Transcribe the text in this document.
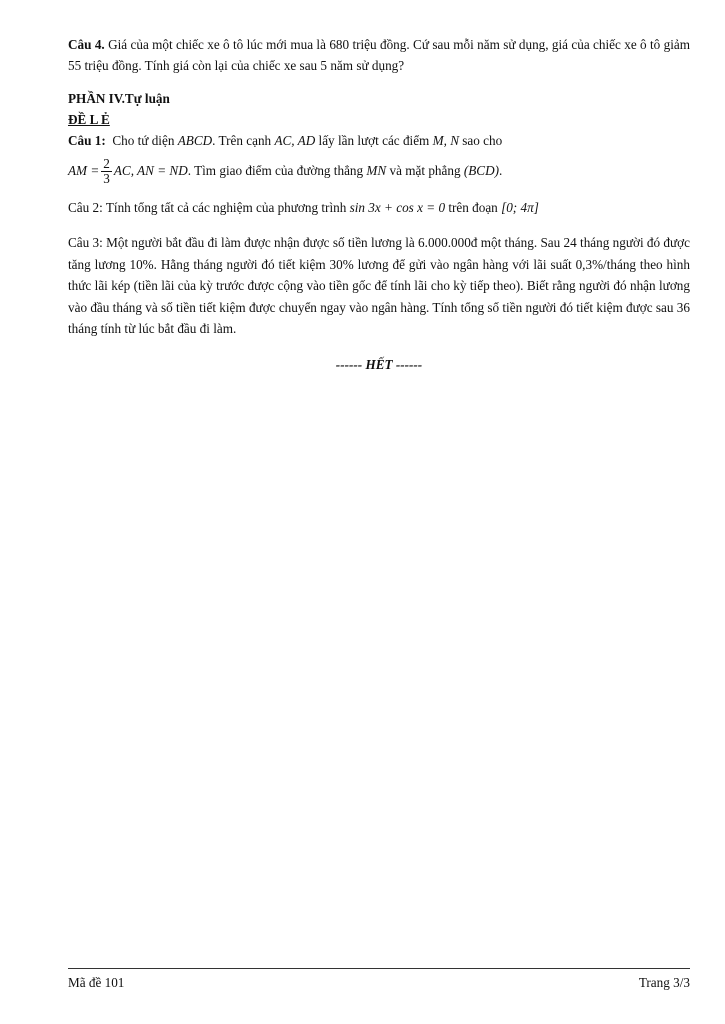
Câu 4. Giá của một chiếc xe ô tô lúc mới mua là 680 triệu đồng. Cứ sau mỗi năm sử dụng, giá của chiếc xe ô tô giảm 55 triệu đồng. Tính giá còn lại của chiếc xe sau 5 năm sử dụng?

PHẦN IV.Tự luận

ĐỀ L Ẻ

Câu 1: Cho tứ diện ABCD. Trên cạnh AC, AD lấy lần lượt các điểm M, N sao cho

AM = $\frac{2}{3}$ AC, AN = ND. Tìm giao điểm của đường thẳng MN và mặt phẳng (BCD).

Câu 2: Tính tổng tất cả các nghiệm của phương trình sin 3x + cos x = 0 trên đoạn [0; 4π]

Câu 3: Một người bắt đầu đi làm được nhận được số tiền lương là 6.000.000đ một tháng. Sau 24 tháng người đó được tăng lương 10%. Hằng tháng người đó tiết kiệm 30% lương để gửi vào ngân hàng với lãi suất 0,3%/tháng theo hình thức lãi kép (tiền lãi của kỳ trước được cộng vào tiền gốc để tính lãi cho kỳ tiếp theo). Biết rằng người đó nhận lương vào đầu tháng và số tiền tiết kiệm được chuyển ngay vào ngân hàng. Tính tổng số tiền người đó tiết kiệm được sau 36 tháng tính từ lúc bắt đầu đi làm.

------ HẾT ------

Mã đề 101	Trang 3/3
